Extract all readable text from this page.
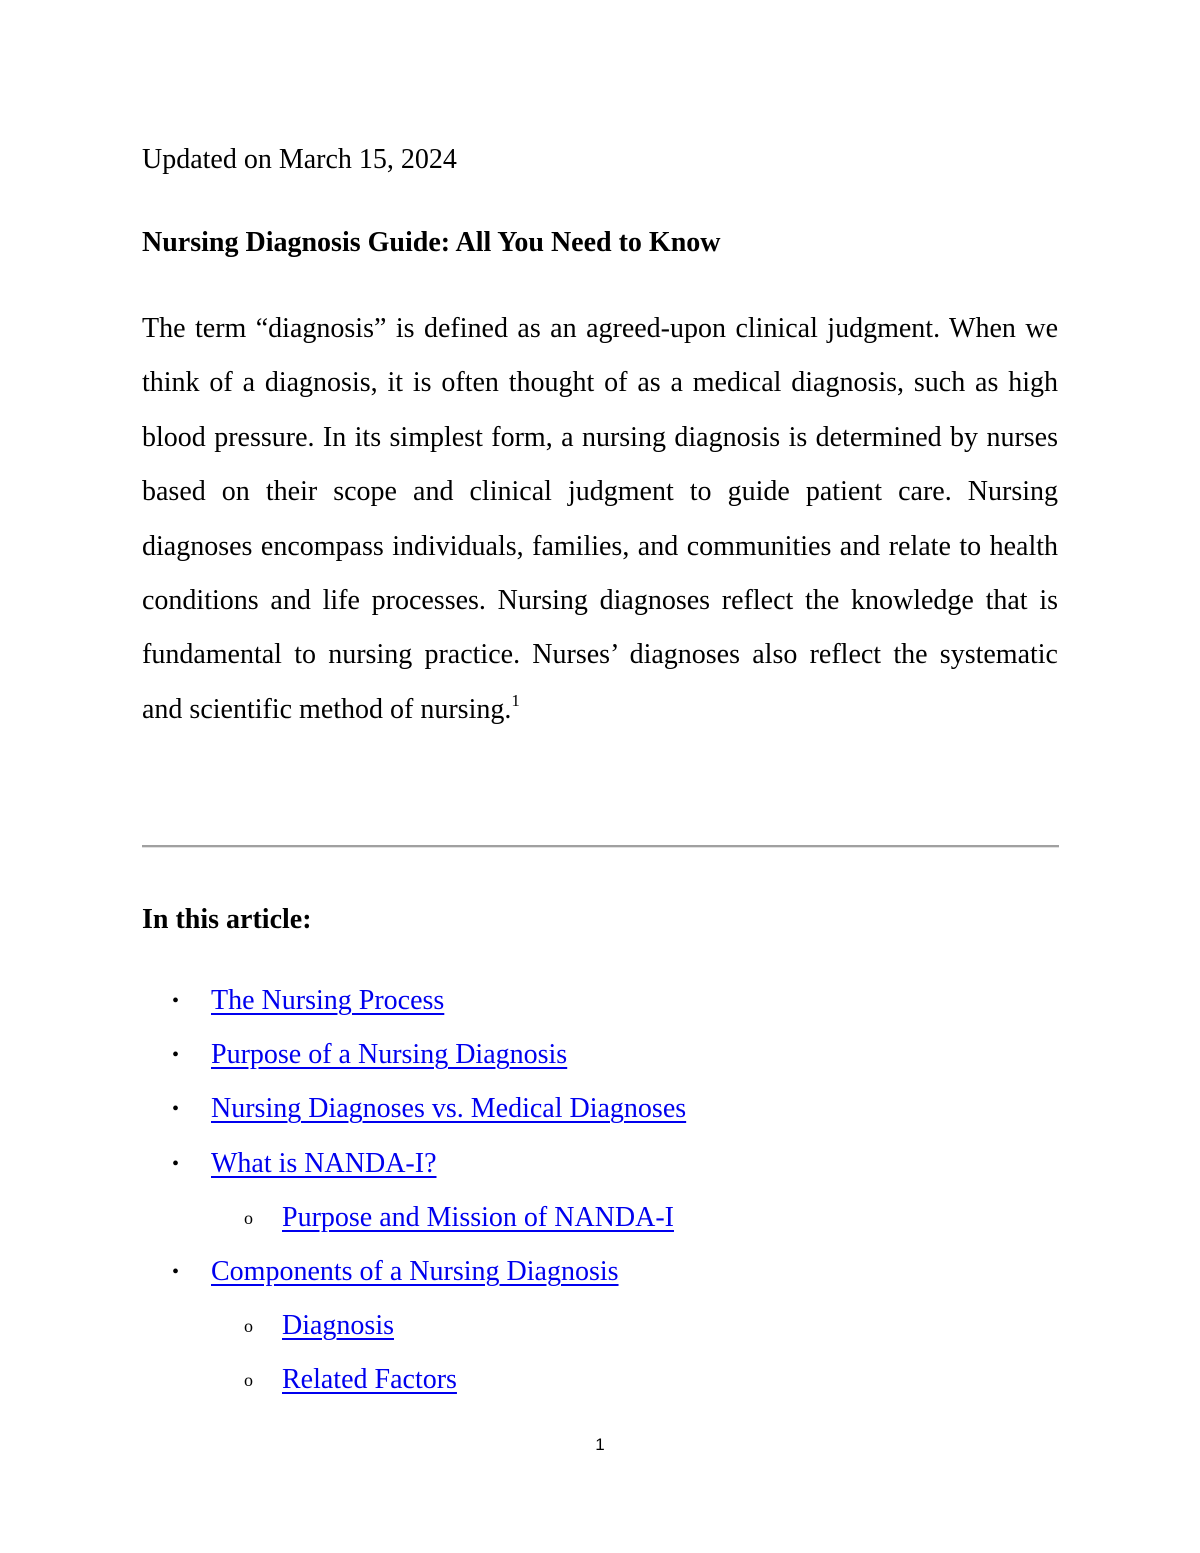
Updated on March 15, 2024
Nursing Diagnosis Guide: All You Need to Know

The term “diagnosis” is defined as an agreed-upon clinical judgment. When we think of a diagnosis, it is often thought of as a medical diagnosis, such as high blood pressure. In its simplest form, a nursing diagnosis is determined by nurses based on their scope and clinical judgment to guide patient care. Nursing diagnoses encompass individuals, families, and communities and relate to health conditions and life processes. Nursing diagnoses reflect the knowledge that is fundamental to nursing practice. Nurses’ diagnoses also reflect the systematic and scientific method of nursing.$^1$

In this article:
• The Nursing Process
• Purpose of a Nursing Diagnosis
• Nursing Diagnoses vs. Medical Diagnoses
• What is NANDA-I?
o Purpose and Mission of NANDA-I
• Components of a Nursing Diagnosis
o Diagnosis
o Related Factors
1
